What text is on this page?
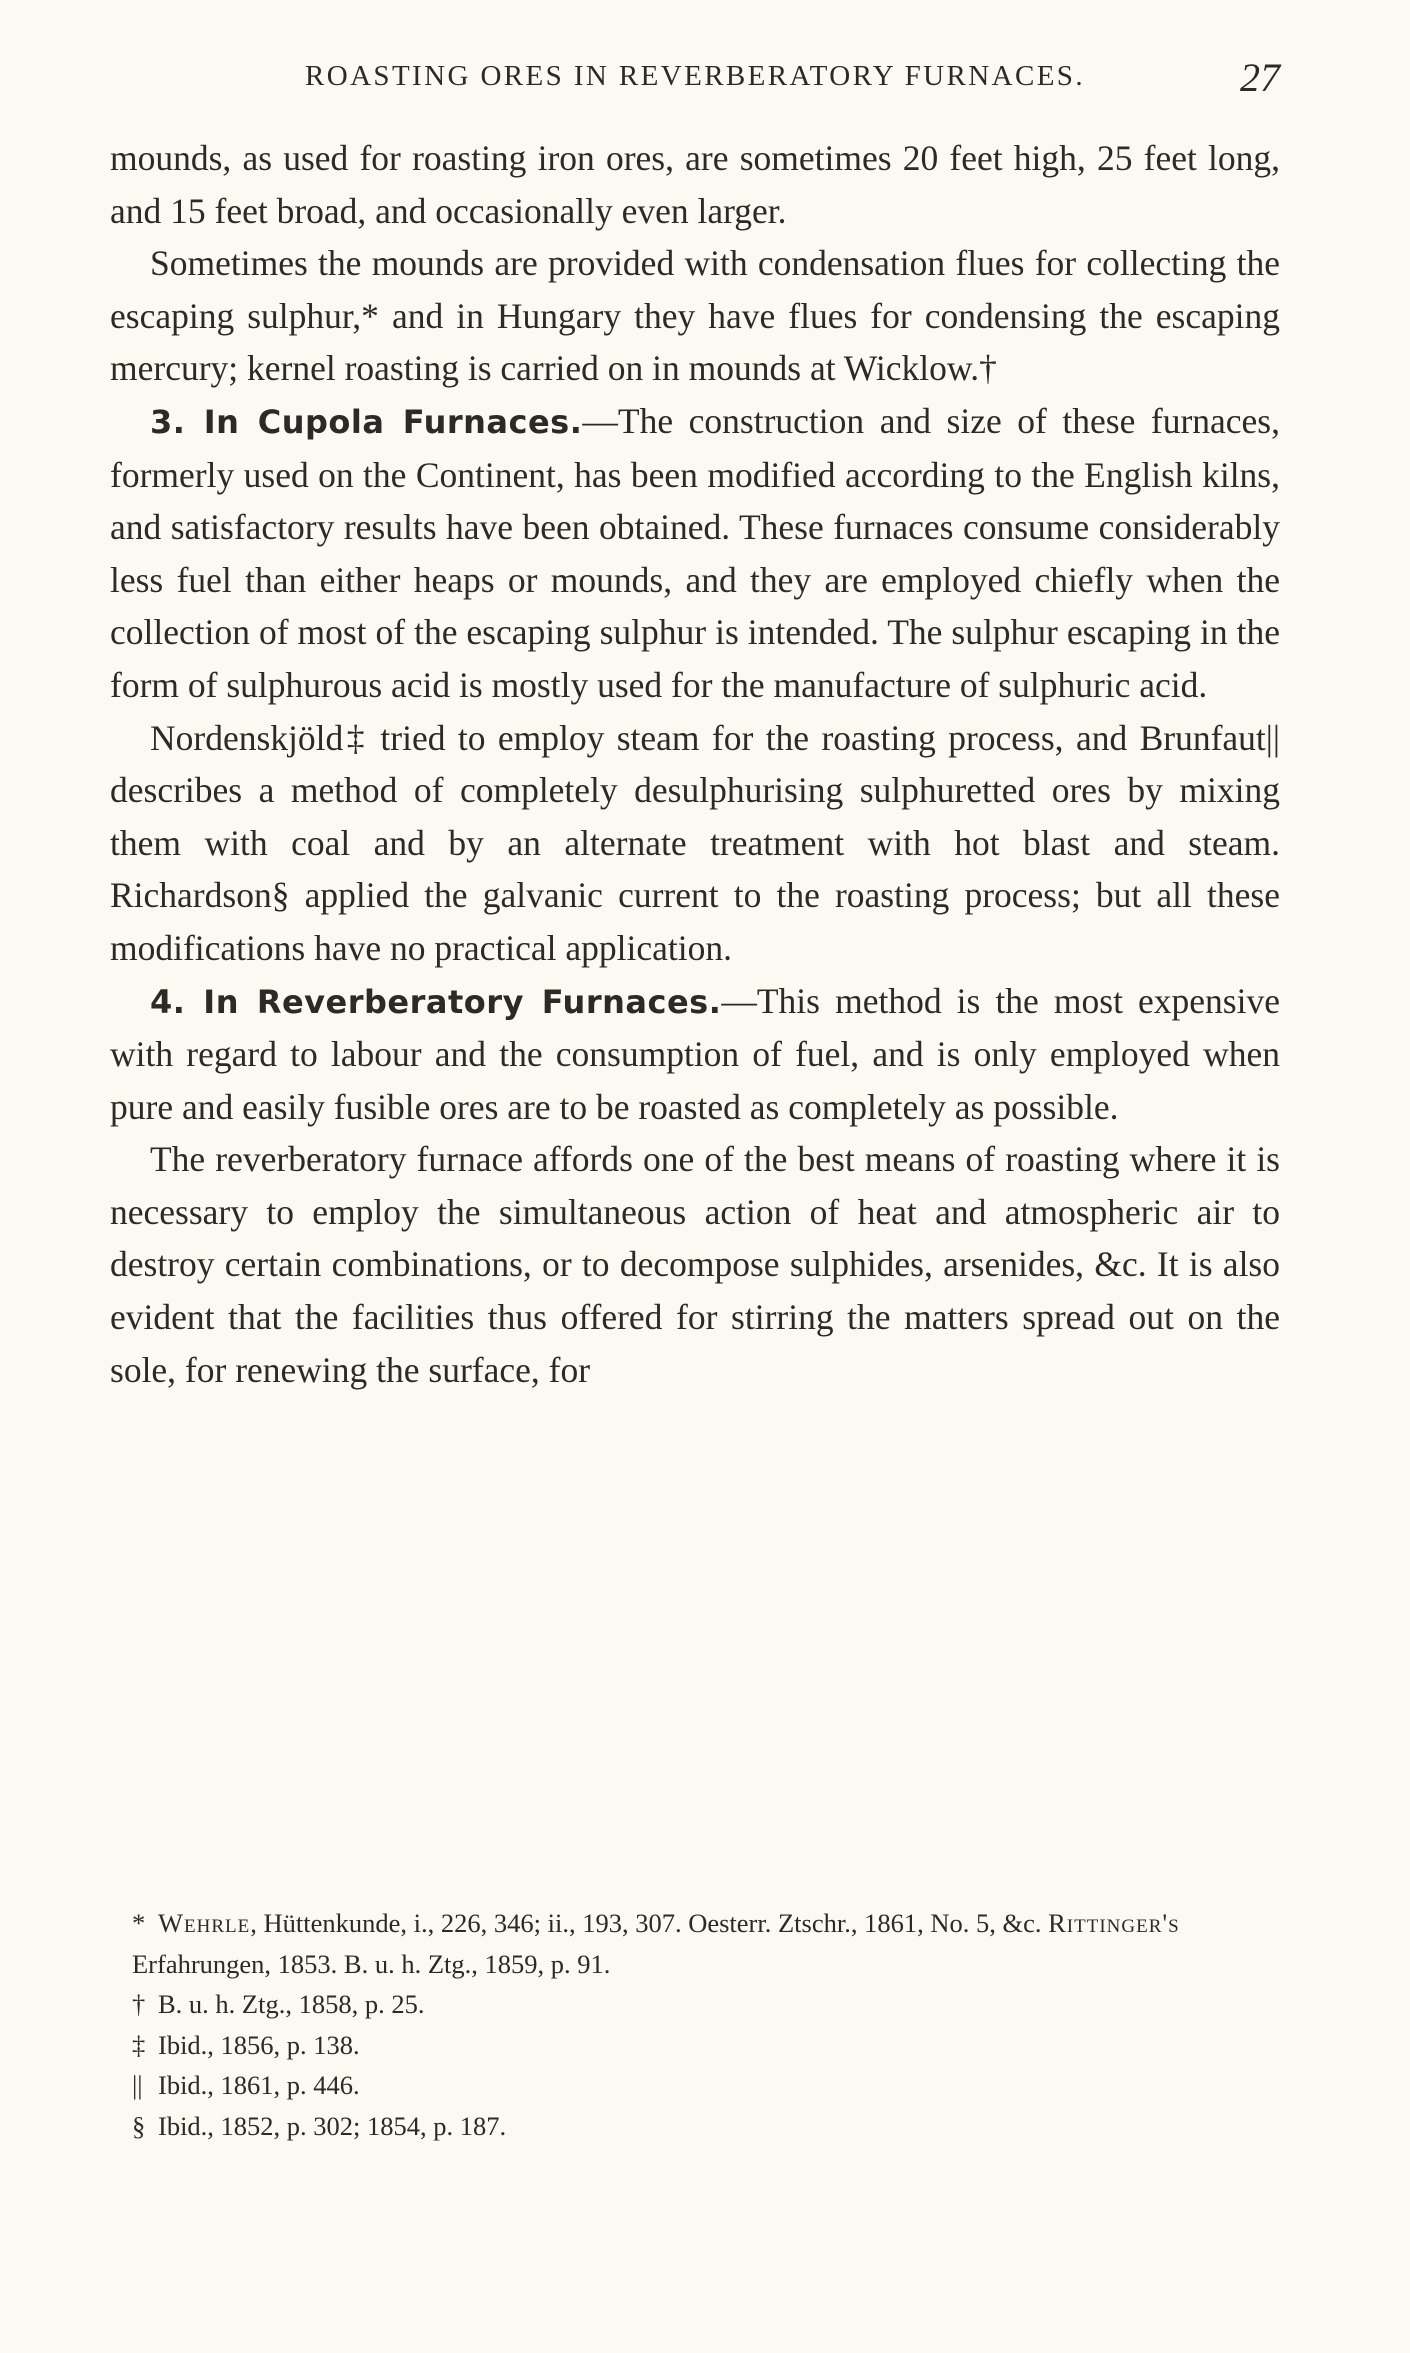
ROASTING ORES IN REVERBERATORY FURNACES.	27

mounds, as used for roasting iron ores, are sometimes 20 feet high, 25 feet long, and 15 feet broad, and occasionally even larger.

Sometimes the mounds are provided with condensation flues for collecting the escaping sulphur,* and in Hungary they have flues for condensing the escaping mercury; kernel roasting is carried on in mounds at Wicklow.†

3. In Cupola Furnaces.—The construction and size of these furnaces, formerly used on the Continent, has been modified according to the English kilns, and satisfactory results have been obtained. These furnaces consume considerably less fuel than either heaps or mounds, and they are employed chiefly when the collection of most of the escaping sulphur is intended. The sulphur escaping in the form of sulphurous acid is mostly used for the manufacture of sulphuric acid.

Nordenskjöld‡ tried to employ steam for the roasting process, and Brunfaut|| describes a method of completely desulphurising sulphuretted ores by mixing them with coal and by an alternate treatment with hot blast and steam. Richardson§ applied the galvanic current to the roasting process; but all these modifications have no practical application.

4. In Reverberatory Furnaces.—This method is the most expensive with regard to labour and the consumption of fuel, and is only employed when pure and easily fusible ores are to be roasted as completely as possible.

The reverberatory furnace affords one of the best means of roasting where it is necessary to employ the simultaneous action of heat and atmospheric air to destroy certain combinations, or to decompose sulphides, arsenides, &c. It is also evident that the facilities thus offered for stirring the matters spread out on the sole, for renewing the surface, for

* Wehrle, Hüttenkunde, i., 226, 346; ii., 193, 307. Oesterr. Ztschr., 1861, No. 5, &c. Rittinger's Erfahrungen, 1853. B. u. h. Ztg., 1859, p. 91.

† B. u. h. Ztg., 1858, p. 25.

‡ Ibid., 1856, p. 138.

|| Ibid., 1861, p. 446.

§ Ibid., 1852, p. 302; 1854, p. 187.
